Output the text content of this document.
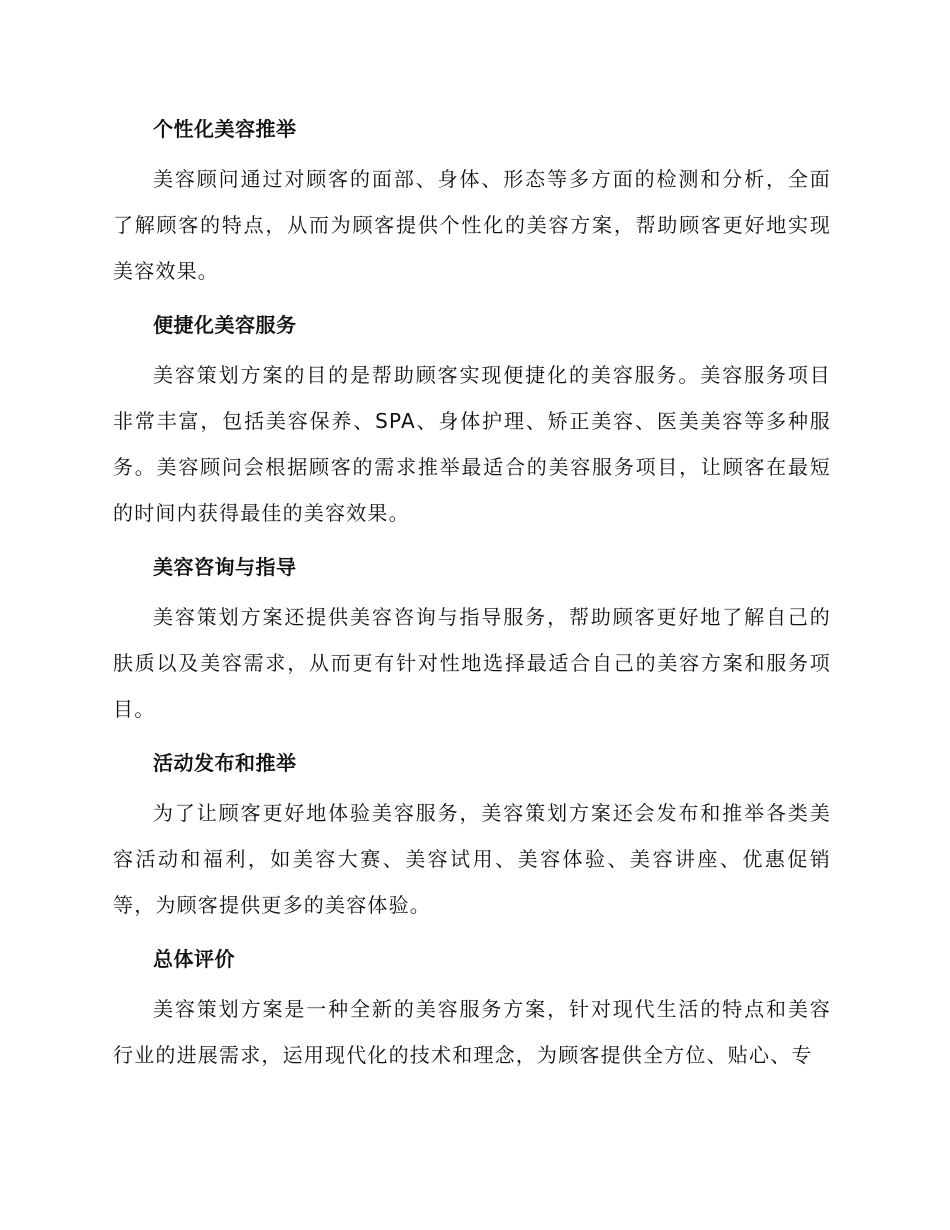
个性化美容推举
美容顾问通过对顾客的面部、身体、形态等多方面的检测和分析，全面了解顾客的特点，从而为顾客提供个性化的美容方案，帮助顾客更好地实现美容效果。
便捷化美容服务
美容策划方案的目的是帮助顾客实现便捷化的美容服务。美容服务项目非常丰富，包括美容保养、SPA、身体护理、矫正美容、医美美容等多种服务。美容顾问会根据顾客的需求推举最适合的美容服务项目，让顾客在最短的时间内获得最佳的美容效果。
美容咨询与指导
美容策划方案还提供美容咨询与指导服务，帮助顾客更好地了解自己的肤质以及美容需求，从而更有针对性地选择最适合自己的美容方案和服务项目。
活动发布和推举
为了让顾客更好地体验美容服务，美容策划方案还会发布和推举各类美容活动和福利，如美容大赛、美容试用、美容体验、美容讲座、优惠促销等，为顾客提供更多的美容体验。
总体评价
美容策划方案是一种全新的美容服务方案，针对现代生活的特点和美容行业的进展需求，运用现代化的技术和理念，为顾客提供全方位、贴心、专
